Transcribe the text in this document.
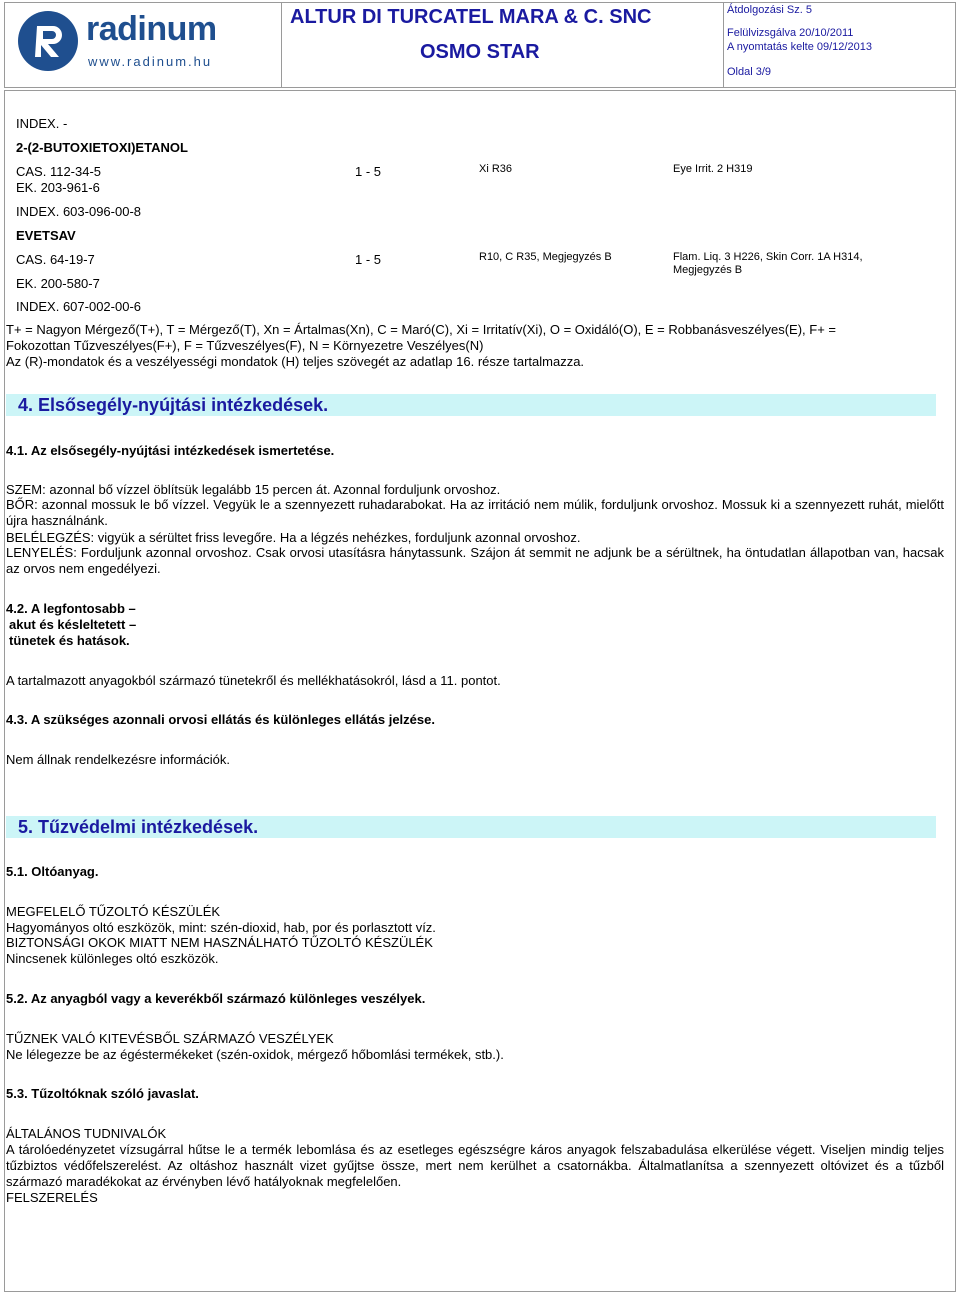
radinum
www.radinum.hu
ALTUR DI TURCATEL MARA & C. SNC
OSMO STAR
Átdolgozási Sz. 5
Felülvizsgálva 20/10/2011
A nyomtatás kelte 09/12/2013
Oldal 3/9
INDEX. -
2-(2-BUTOXIETOXI)ETANOL
CAS. 112-34-5
EK. 203-961-6
INDEX. 603-096-00-8
1 - 5	Xi R36	Eye Irrit. 2 H319
EVETSAV
CAS. 64-19-7
EK. 200-580-7
INDEX. 607-002-00-6
1 - 5	R10, C R35, Megjegyzés B	Flam. Liq. 3 H226, Skin Corr. 1A H314,
Megjegyzés B
T+ = Nagyon Mérgező(T+), T = Mérgező(T), Xn = Ártalmas(Xn), C = Maró(C), Xi = Irritatív(Xi), O = Oxidáló(O), E = Robbanásveszélyes(E), F+ =
Fokozottan Tűzveszélyes(F+), F = Tűzveszélyes(F), N = Környezetre Veszélyes(N)
Az (R)-mondatok és a veszélyességi mondatok (H) teljes szövegét az adatlap 16. része tartalmazza.
4. Elsősegély-nyújtási intézkedések.
4.1. Az elsősegély-nyújtási intézkedések ismertetése.
SZEM: azonnal bő vízzel öblítsük legalább 15 percen át. Azonnal forduljunk orvoshoz.
BŐR: azonnal mossuk le bő vízzel. Vegyük le a szennyezett ruhadarabokat. Ha az irritáció nem múlik, forduljunk orvoshoz. Mossuk ki a szennyezett ruhát, mielőtt újra használnánk.
BELÉLEGZÉS: vigyük a sérültet friss levegőre. Ha a légzés nehézkes, forduljunk azonnal orvoshoz.
LENYELÉS: Forduljunk azonnal orvoshoz. Csak orvosi utasításra hánytassunk. Szájon át semmit ne adjunk be a sérültnek, ha öntudatlan állapotban van, hacsak az orvos nem engedélyezi.
4.2. A legfontosabb –
akut és késleltetett –
tünetek és hatások.
A tartalmazott anyagokból származó tünetekről és mellékhatásokról, lásd a 11. pontot.
4.3. A szükséges azonnali orvosi ellátás és különleges ellátás jelzése.
Nem állnak rendelkezésre információk.
5. Tűzvédelmi intézkedések.
5.1. Oltóanyag.
MEGFELELŐ TŰZOLTÓ KÉSZÜLÉK
Hagyományos oltó eszközök, mint: szén-dioxid, hab, por és porlasztott víz.
BIZTONSÁGI OKOK MIATT NEM HASZNÁLHATÓ TŰZOLTÓ KÉSZÜLÉK
Nincsenek különleges oltó eszközök.
5.2. Az anyagból vagy a keverékből származó különleges veszélyek.
TŰZNEK VALÓ KITEVÉSBŐL SZÁRMAZÓ VESZÉLYEK
Ne lélegezze be az égéstermékeket (szén-oxidok, mérgező hőbomlási termékek, stb.).
5.3. Tűzoltóknak szóló javaslat.
ÁLTALÁNOS TUDNIVALÓK
A tárolóedényzetet vízsugárral hűtse le a termék lebomlása és az esetleges egészségre káros anyagok felszabadulása elkerülése végett. Viseljen mindig teljes tűzbiztos védőfelszerelést. Az oltáshoz használt vizet gyűjtse össze, mert nem kerülhet a csatornákba. Általmatlanítsa a szennyezett oltóvizet és a tűzből származó maradékokat az érvényben lévő hatályoknak megfelelően.
FELSZERELÉS
